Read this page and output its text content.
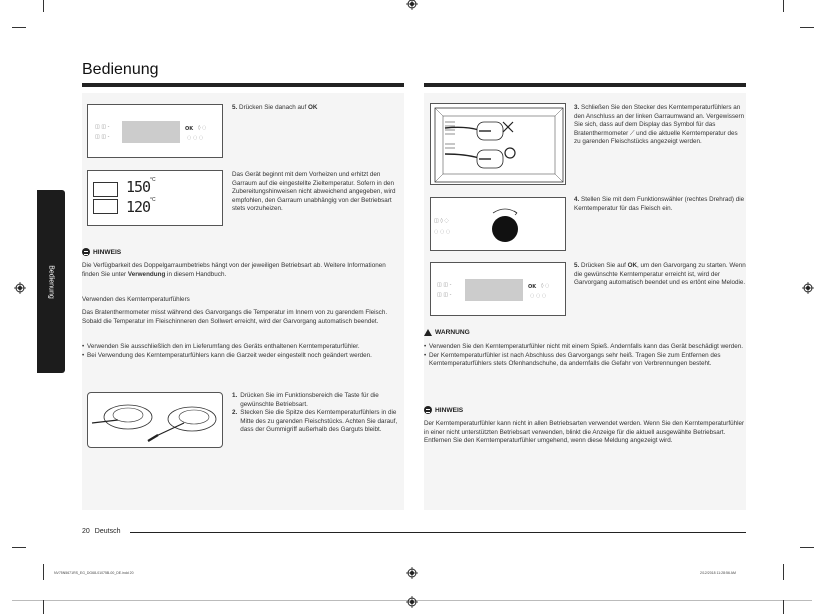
Bedienung
Bedienung
◫ ◫ -
◫ ◫ -
OK ◊ ◌
◌ ◌ ◌
5. Drücken Sie danach auf OK
150 °C
120 °C
Das Gerät beginnt mit dem Vorheizen und erhitzt den Garraum auf die eingestellte Zieltemperatur. Sofern in den Zubereitungshinweisen nicht abweichend angegeben, wird empfohlen, den Garraum unabhängig von der Betriebsart stets vorzuheizen.
HINWEIS
Die Verfügbarkeit des Doppelgarraumbetriebs hängt von der jeweiligen Betriebsart ab. Weitere Informationen finden Sie unter Verwendung in diesem Handbuch.
Verwenden des Kerntemperaturfühlers
Das Bratenthermometer misst während des Garvorgangs die Temperatur im Innern von zu garendem Fleisch. Sobald die Temperatur im Fleischinneren den Sollwert erreicht, wird der Garvorgang automatisch beendet.
• Verwenden Sie ausschließlich den im Lieferumfang des Geräts enthaltenen Kerntemperaturfühler.
• Bei Verwendung des Kerntemperaturfühlers kann die Garzeit weder eingestellt noch geändert werden.
1. Drücken Sie im Funktionsbereich die Taste für die gewünschte Betriebsart.
2. Stecken Sie die Spitze des Kerntemperaturfühlers in die Mitte des zu garenden Fleischstücks. Achten Sie darauf, dass der Gummigriff außerhalb des Garguts bleibt.
3. Schließen Sie den Stecker des Kerntemperaturfühlers an den Anschluss an der linken Garraumwand an. Vergewissern Sie sich, dass auf dem Display das Symbol für das Bratenthermometer ⟋ und die aktuelle Kerntemperatur des zu garenden Fleischstücks angezeigt werden.
◫ ◊ ◌
◌ ◌ ◌
4. Stellen Sie mit dem Funktionswähler (rechtes Drehrad) die Kerntemperatur für das Fleisch ein.
◫ ◫ -
◫ ◫ -
OK ◊ ◌
◌ ◌ ◌
5. Drücken Sie auf OK, um den Garvorgang zu starten. Wenn die gewünschte Kerntemperatur erreicht ist, wird der Garvorgang automatisch beendet und es ertönt eine Melodie.
WARNUNG
• Verwenden Sie den Kerntemperaturfühler nicht mit einem Spieß. Andernfalls kann das Gerät beschädigt werden.
• Der Kerntemperaturfühler ist nach Abschluss des Garvorgangs sehr heiß. Tragen Sie zum Entfernen des Kerntemperaturfühlers stets Ofenhandschuhe, da andernfalls die Gefahr von Verbrennungen besteht.
HINWEIS
Der Kerntemperaturfühler kann nicht in allen Betriebsarten verwendet werden. Wenn Sie den Kerntemperaturfühler in einer nicht unterstützten Betriebsart verwenden, blinkt die Anzeige für die aktuell ausgewählte Betriebsart. Entfernen Sie den Kerntemperaturfühler umgehend, wenn diese Meldung angezeigt wird.
20 Deutsch
NV75N5671RS_EG_DG68-01075B-00_DE.indd 20	2/12/2018 11:28:56 AM
